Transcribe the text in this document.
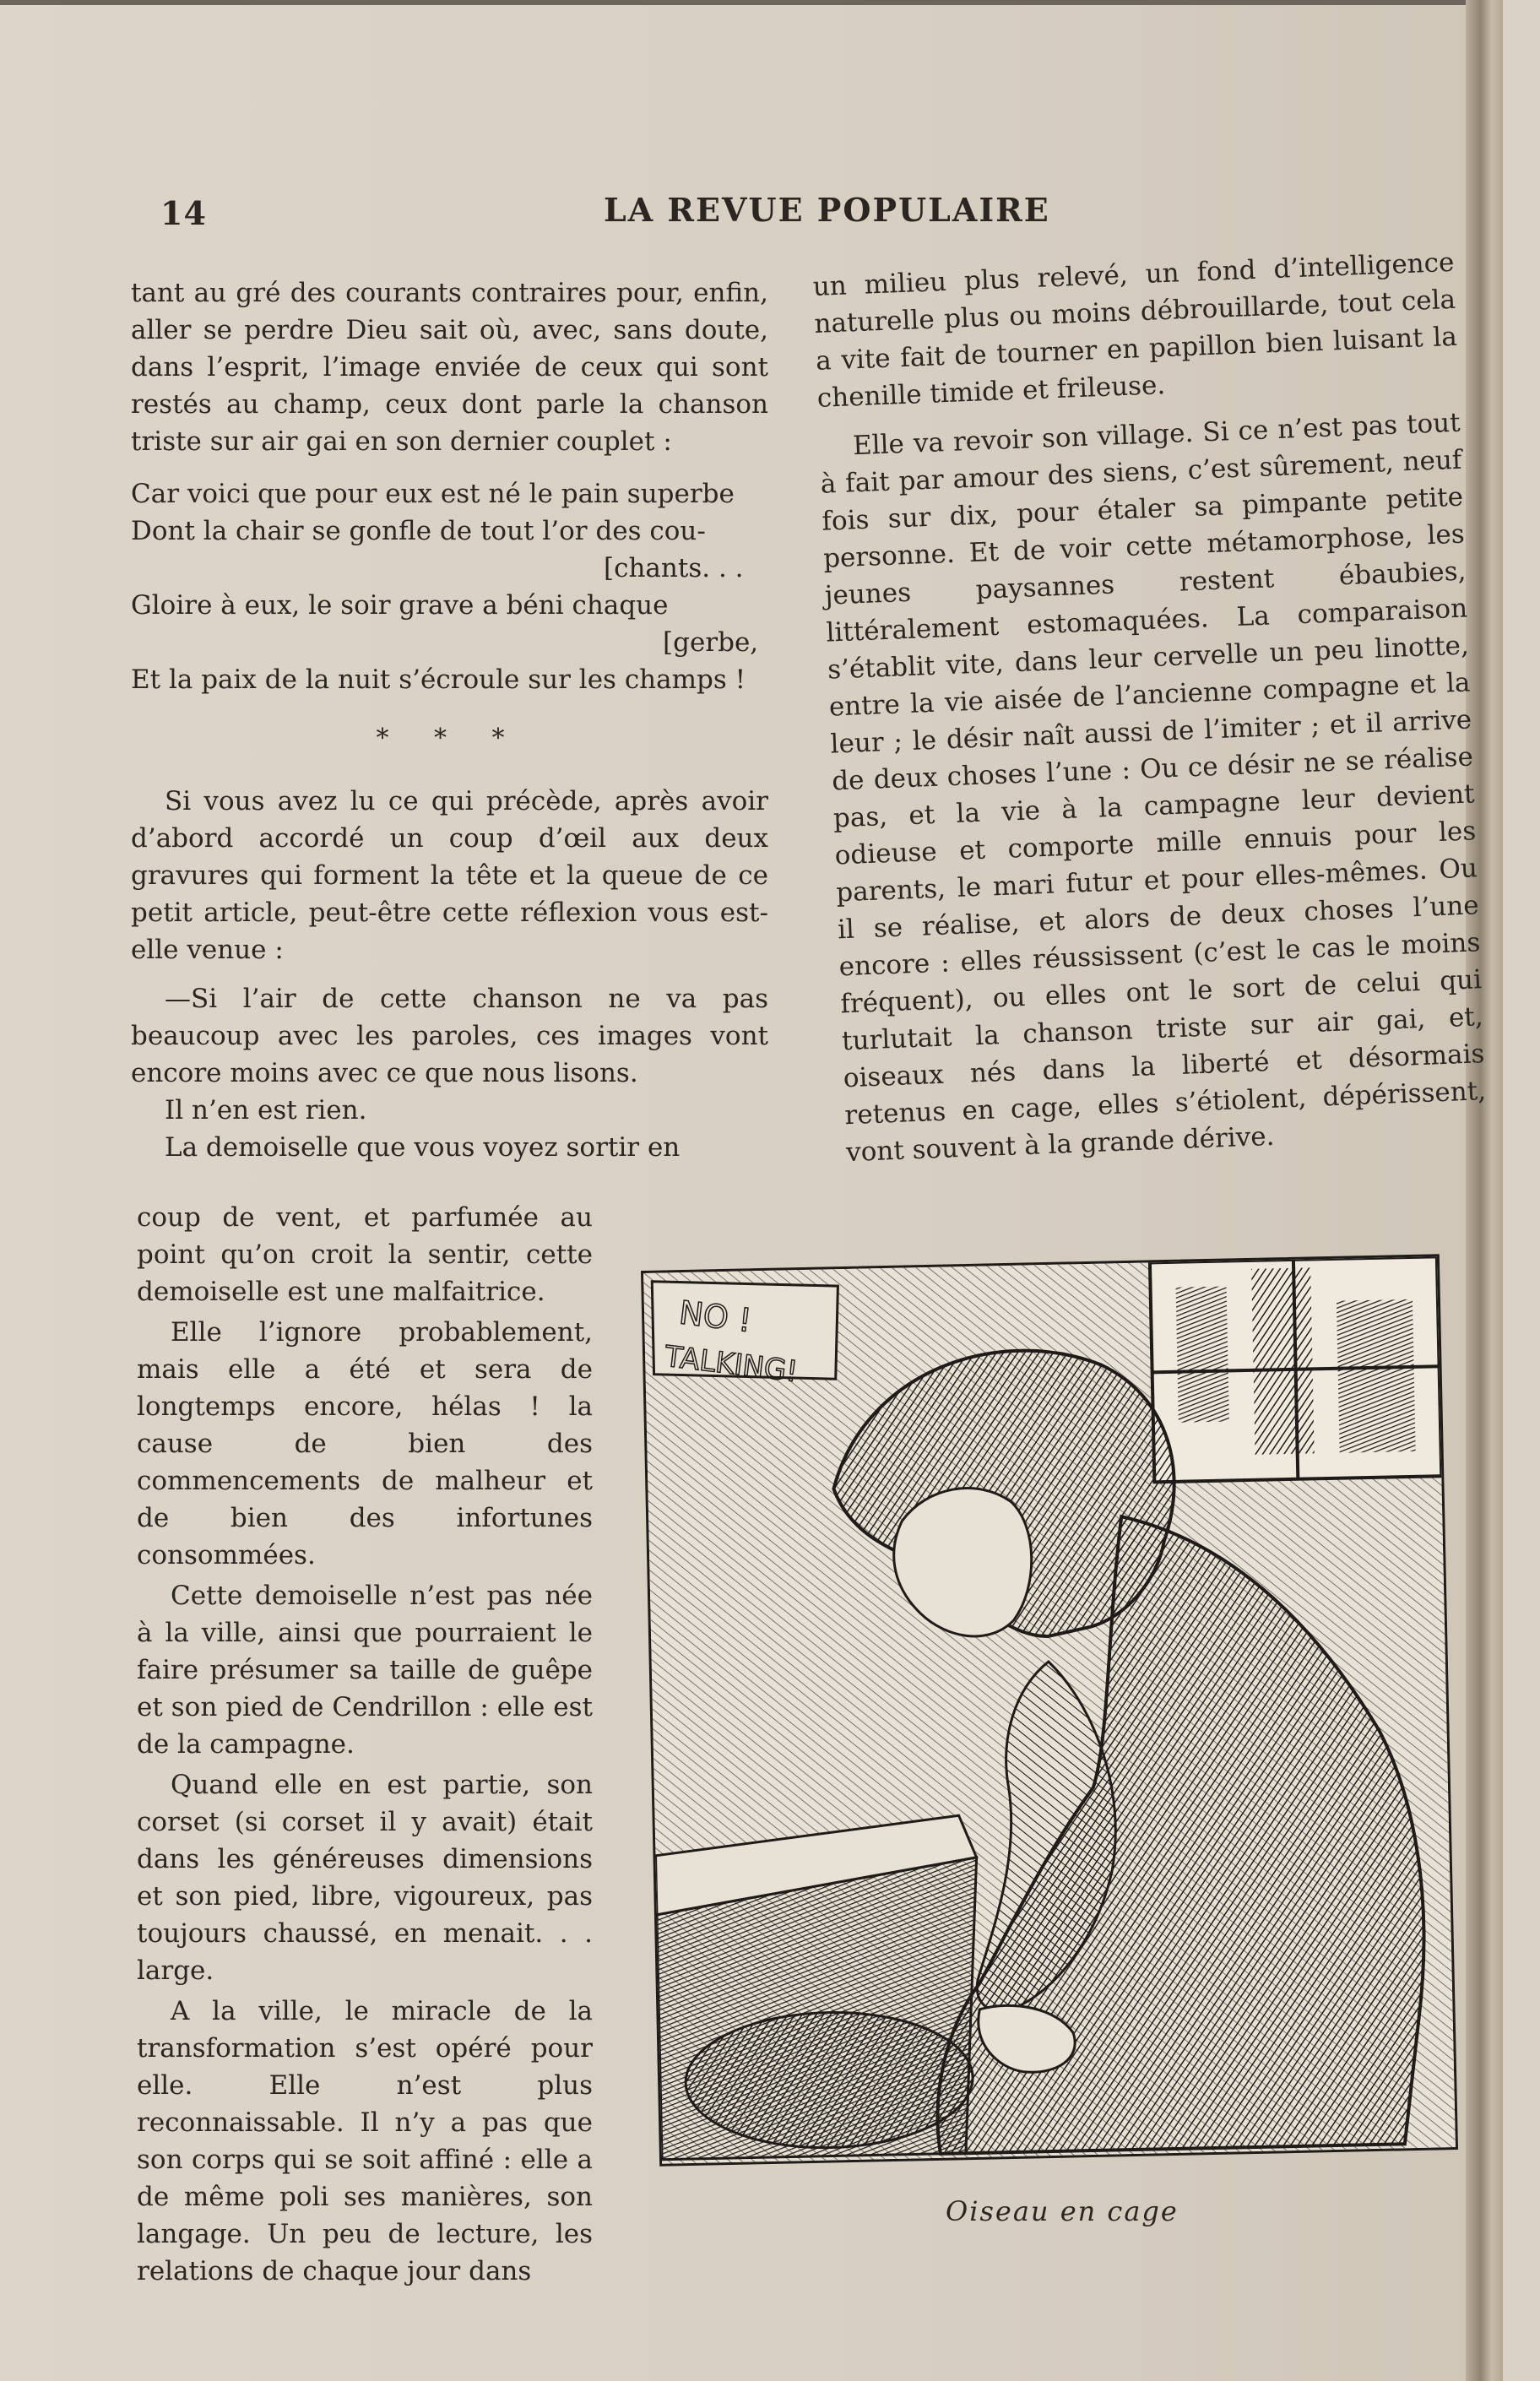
14	LA REVUE POPULAIRE

tant au gré des courants contraires pour, enfin, aller se perdre Dieu sait où, avec, sans doute, dans l’esprit, l’image enviée de ceux qui sont restés au champ, ceux dont parle la chanson triste sur air gai en son dernier couplet :

Car voici que pour eux est né le pain superbe
Dont la chair se gonfle de tout l’or des cou-
[chants. . .
Gloire à eux, le soir grave a béni chaque
[gerbe,
Et la paix de la nuit s’écroule sur les champs !
* * *

Si vous avez lu ce qui précède, après avoir d’abord accordé un coup d’œil aux deux gravures qui forment la tête et la queue de ce petit article, peut-être cette réflexion vous est-elle venue :

—Si l’air de cette chanson ne va pas beaucoup avec les paroles, ces images vont encore moins avec ce que nous lisons.

Il n’en est rien.

La demoiselle que vous voyez sortir en

coup de vent, et parfumée au point qu’on croit la sentir, cette demoiselle est une malfaitrice.

Elle l’ignore probablement, mais elle a été et sera de longtemps encore, hélas ! la cause de bien des commencements de malheur et de bien des infortunes consommées.

Cette demoiselle n’est pas née à la ville, ainsi que pourraient le faire présumer sa taille de guêpe et son pied de Cendrillon : elle est de la campagne.

Quand elle en est partie, son corset (si corset il y avait) était dans les généreuses dimensions et son pied, libre, vigoureux, pas toujours chaussé, en menait. . . large.

A la ville, le miracle de la transformation s’est opéré pour elle. Elle n’est plus reconnaissable. Il n’y a pas que son corps qui se soit affiné : elle a de même poli ses manières, son langage. Un peu de lecture, les relations de chaque jour dans

un milieu plus relevé, un fond d’intelligence naturelle plus ou moins débrouillarde, tout cela a vite fait de tourner en papillon bien luisant la chenille timide et frileuse.

Elle va revoir son village. Si ce n’est pas tout à fait par amour des siens, c’est sûrement, neuf fois sur dix, pour étaler sa pimpante petite personne. Et de voir cette métamorphose, les jeunes paysannes restent ébaubies, littéralement estomaquées. La comparaison s’établit vite, dans leur cervelle un peu linotte, entre la vie aisée de l’ancienne compagne et la leur ; le désir naît aussi de l’imiter ; et il arrive de deux choses l’une : Ou ce désir ne se réalise pas, et la vie à la campagne leur devient odieuse et comporte mille ennuis pour les parents, le mari futur et pour elles-mêmes. Ou il se réalise, et alors de deux choses l’une encore : elles réussissent (c’est le cas le moins fréquent), ou elles ont le sort de celui qui turlutait la chanson triste sur air gai, et, oiseaux nés dans la liberté et désormais retenus en cage, elles s’étiolent, dépérissent, vont souvent à la grande dérive.

NO !
TALKING!
Oiseau en cage
